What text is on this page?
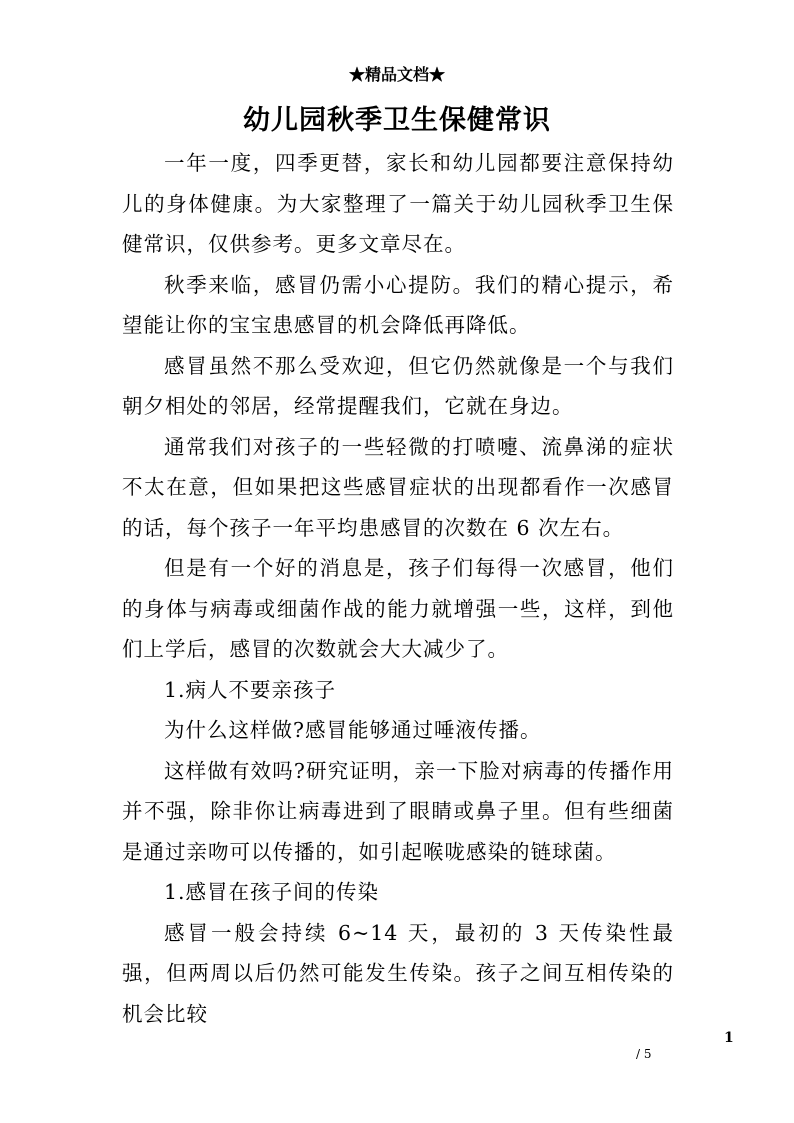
★精品文档★
幼儿园秋季卫生保健常识

一年一度，四季更替，家长和幼儿园都要注意保持幼儿的身体健康。为大家整理了一篇关于幼儿园秋季卫生保健常识，仅供参考。更多文章尽在。

秋季来临，感冒仍需小心提防。我们的精心提示，希望能让你的宝宝患感冒的机会降低再降低。

感冒虽然不那么受欢迎，但它仍然就像是一个与我们朝夕相处的邻居，经常提醒我们，它就在身边。

通常我们对孩子的一些轻微的打喷嚏、流鼻涕的症状不太在意，但如果把这些感冒症状的出现都看作一次感冒的话，每个孩子一年平均患感冒的次数在 6 次左右。

但是有一个好的消息是，孩子们每得一次感冒，他们的身体与病毒或细菌作战的能力就增强一些，这样，到他们上学后，感冒的次数就会大大减少了。

1.病人不要亲孩子

为什么这样做?感冒能够通过唾液传播。

这样做有效吗?研究证明，亲一下脸对病毒的传播作用并不强，除非你让病毒进到了眼睛或鼻子里。但有些细菌是通过亲吻可以传播的，如引起喉咙感染的链球菌。

1.感冒在孩子间的传染

感冒一般会持续 6~14 天，最初的 3 天传染性最强，但两周以后仍然可能发生传染。孩子之间互相传染的机会比较

1
/ 5
